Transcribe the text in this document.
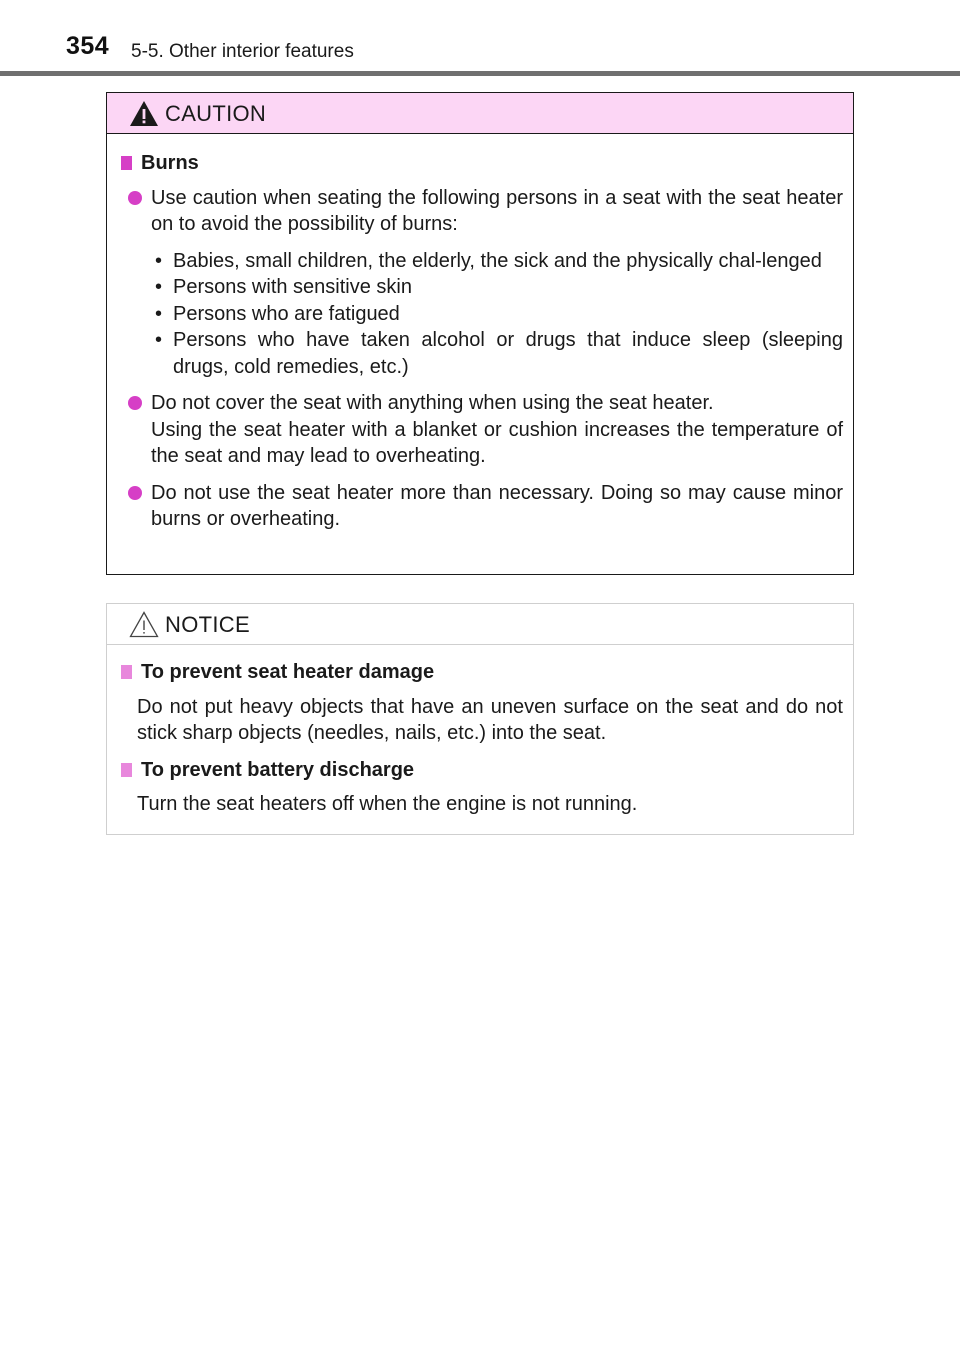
354 5-5. Other interior features
CAUTION
Burns

Use caution when seating the following persons in a seat with the seat heater on to avoid the possibility of burns:

• Babies, small children, the elderly, the sick and the physically chal-lenged
• Persons with sensitive skin
• Persons who are fatigued
• Persons who have taken alcohol or drugs that induce sleep (sleeping drugs, cold remedies, etc.)

Do not cover the seat with anything when using the seat heater.

Using the seat heater with a blanket or cushion increases the temperature of the seat and may lead to overheating.

Do not use the seat heater more than necessary. Doing so may cause minor burns or overheating.

NOTICE
To prevent seat heater damage

Do not put heavy objects that have an uneven surface on the seat and do not stick sharp objects (needles, nails, etc.) into the seat.

To prevent battery discharge

Turn the seat heaters off when the engine is not running.
